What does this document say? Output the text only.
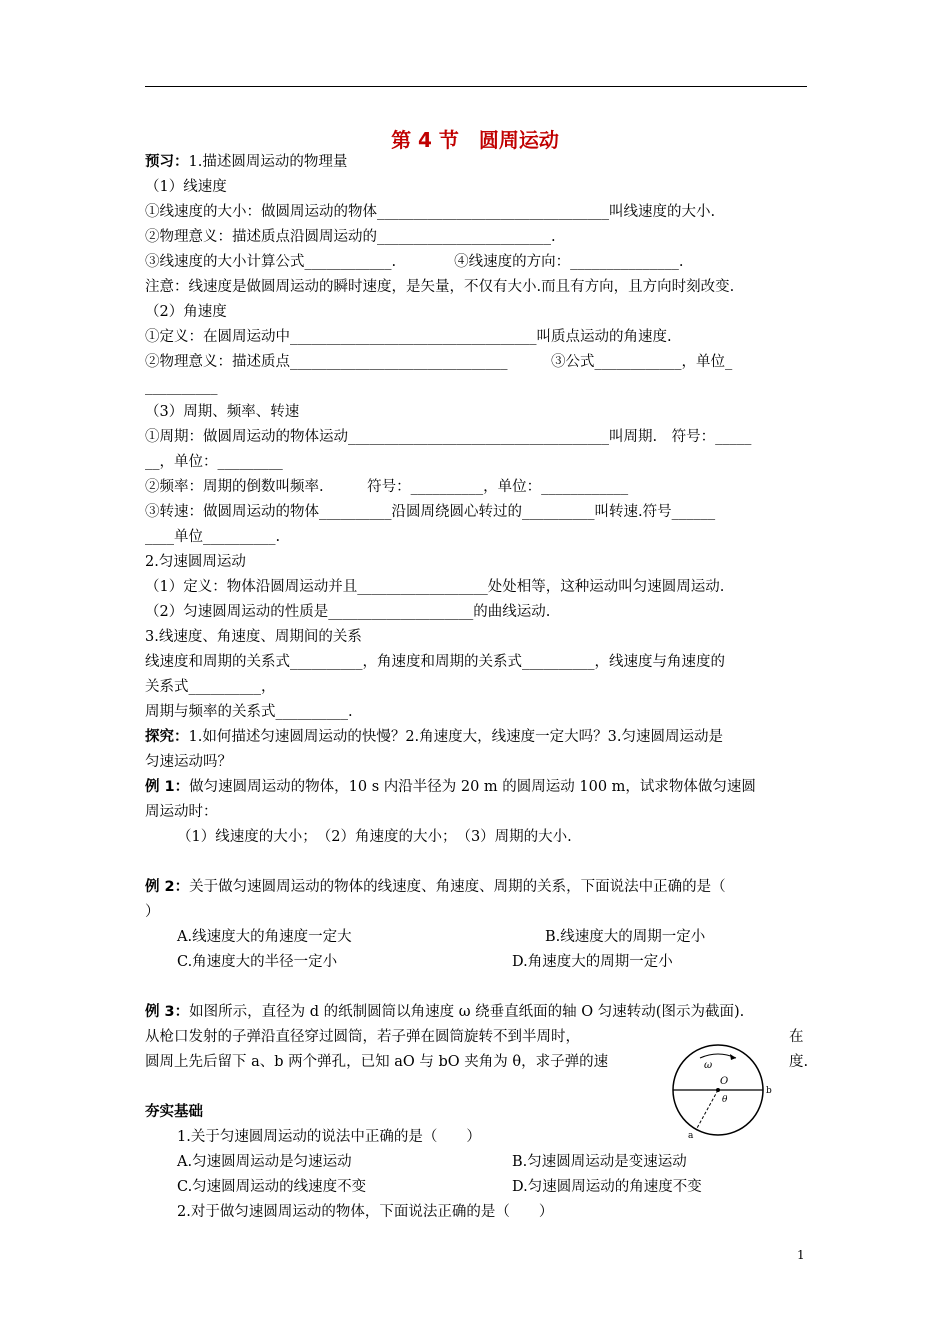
第 4 节　圆周运动
预习：1.描述圆周运动的物理量
（1）线速度
①线速度的大小：做圆周运动的物体________________________________叫线速度的大小.
②物理意义：描述质点沿圆周运动的________________________.
③线速度的大小计算公式____________.　　　　④线速度的方向：_______________.
注意：线速度是做圆周运动的瞬时速度，是矢量，不仅有大小.而且有方向，且方向时刻改变.
（2）角速度
①定义：在圆周运动中__________________________________叫质点运动的角速度.
②物理意义：描述质点______________________________　　　③公式____________，单位_
__________
（3）周期、频率、转速
①周期：做圆周运动的物体运动____________________________________叫周期.　符号：_____
__，单位：_________
②频率：周期的倒数叫频率.　　　符号：__________，单位：____________
③转速：做圆周运动的物体__________沿圆周绕圆心转过的__________叫转速.符号______
____单位__________.
2.匀速圆周运动
（1）定义：物体沿圆周运动并且__________________处处相等，这种运动叫匀速圆周运动.
（2）匀速圆周运动的性质是____________________的曲线运动.
3.线速度、角速度、周期间的关系
线速度和周期的关系式__________，角速度和周期的关系式__________，线速度与角速度的
关系式__________，
周期与频率的关系式__________.
探究：1.如何描述匀速圆周运动的快慢？2.角速度大，线速度一定大吗？3.匀速圆周运动是
匀速运动吗？
例 1：做匀速圆周运动的物体，10 s 内沿半径为 20 m 的圆周运动 100 m，试求物体做匀速圆
周运动时：
（1）线速度的大小；　（2）角速度的大小；　（3）周期的大小.
例 2：关于做匀速圆周运动的物体的线速度、角速度、周期的关系，下面说法中正确的是（
）
A.线速度大的角速度一定大	B.线速度大的周期一定小
C.角速度大的半径一定小	D.角速度大的周期一定小
例 3：如图所示，直径为 d 的纸制圆筒以角速度 ω 绕垂直纸面的轴 O 匀速转动(图示为截面).
从枪口发射的子弹沿直径穿过圆筒，若子弹在圆筒旋转不到半周时，	在
圆周上先后留下 a、b 两个弹孔，已知 aO 与 bO 夹角为 θ，求子弹的速	度.
ω
O
θ
b
a
夯实基础
1.关于匀速圆周运动的说法中正确的是（　　）
A.匀速圆周运动是匀速运动	B.匀速圆周运动是变速运动
C.匀速圆周运动的线速度不变	D.匀速圆周运动的角速度不变
2.对于做匀速圆周运动的物体，下面说法正确的是（　　）
1
